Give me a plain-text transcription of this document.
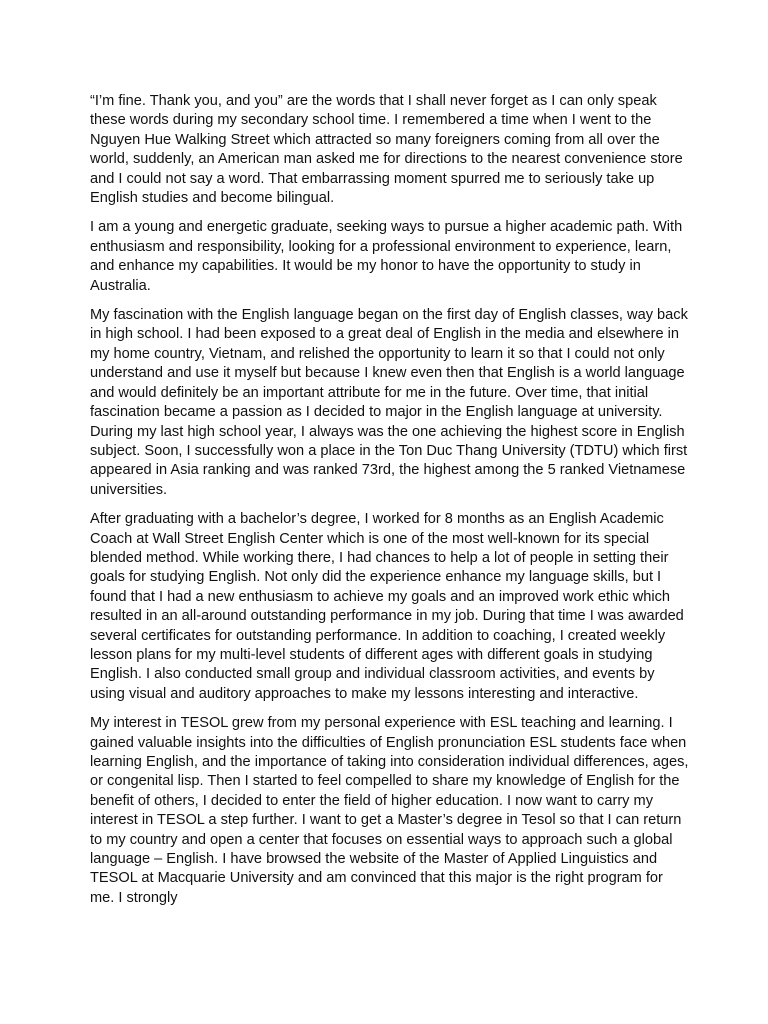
“I’m fine. Thank you, and you” are the words that I shall never forget as I can only speak these words during my secondary school time. I remembered a time when I went to the Nguyen Hue Walking Street which attracted so many foreigners coming from all over the world, suddenly, an American man asked me for directions to the nearest convenience store and I could not say a word. That embarrassing moment spurred me to seriously take up English studies and become bilingual.

I am a young and energetic graduate, seeking ways to pursue a higher academic path. With enthusiasm and responsibility, looking for a professional environment to experience, learn, and enhance my capabilities. It would be my honor to have the opportunity to study in Australia.

My fascination with the English language began on the first day of English classes, way back in high school. I had been exposed to a great deal of English in the media and elsewhere in my home country, Vietnam, and relished the opportunity to learn it so that I could not only understand and use it myself but because I knew even then that English is a world language and would definitely be an important attribute for me in the future. Over time, that initial fascination became a passion as I decided to major in the English language at university. During my last high school year, I always was the one achieving the highest score in English subject. Soon, I successfully won a place in the Ton Duc Thang University (TDTU) which first appeared in Asia ranking and was ranked 73rd, the highest among the 5 ranked Vietnamese universities.

After graduating with a bachelor’s degree, I worked for 8 months as an English Academic Coach at Wall Street English Center which is one of the most well-known for its special blended method. While working there, I had chances to help a lot of people in setting their goals for studying English. Not only did the experience enhance my language skills, but I found that I had a new enthusiasm to achieve my goals and an improved work ethic which resulted in an all-around outstanding performance in my job. During that time I was awarded several certificates for outstanding performance. In addition to coaching, I created weekly lesson plans for my multi-level students of different ages with different goals in studying English. I also conducted small group and individual classroom activities, and events by using visual and auditory approaches to make my lessons interesting and interactive.

My interest in TESOL grew from my personal experience with ESL teaching and learning. I gained valuable insights into the difficulties of English pronunciation ESL students face when learning English, and the importance of taking into consideration individual differences, ages, or congenital lisp. Then I started to feel compelled to share my knowledge of English for the benefit of others, I decided to enter the field of higher education. I now want to carry my interest in TESOL a step further. I want to get a Master’s degree in Tesol so that I can return to my country and open a center that focuses on essential ways to approach such a global language – English. I have browsed the website of the Master of Applied Linguistics and TESOL at Macquarie University and am convinced that this major is the right program for me. I strongly
